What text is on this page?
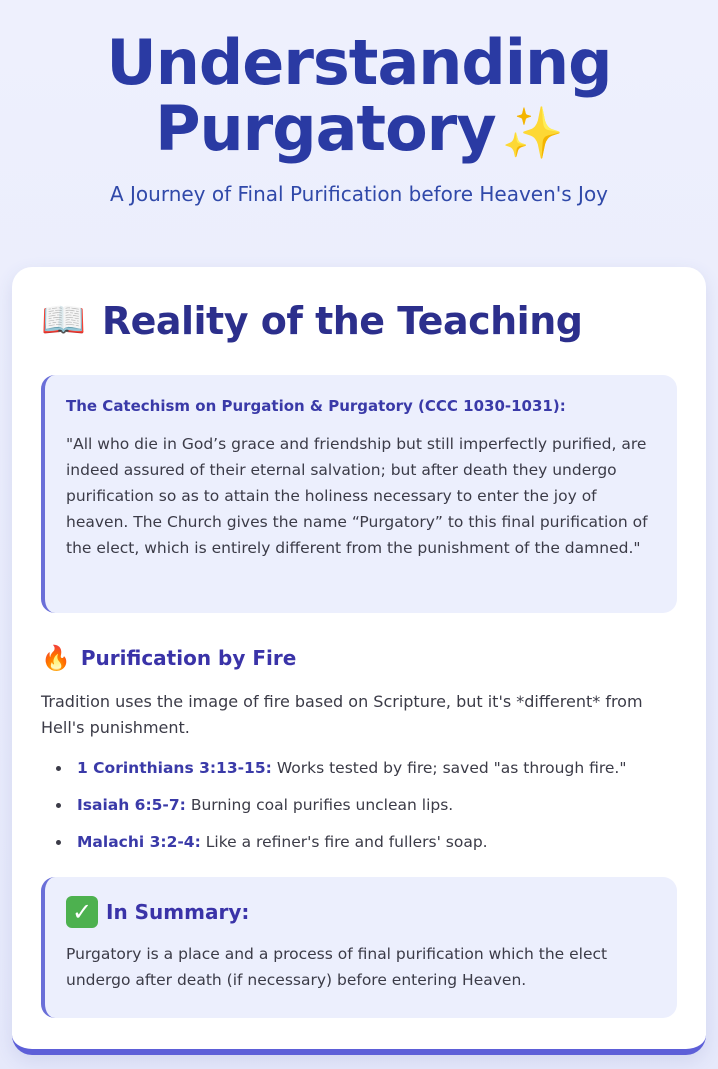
Understanding
Purgatory ✨

A Journey of Final Purification before Heaven's Joy

📖 Reality of the Teaching

The Catechism on Purgation & Purgatory (CCC 1030-1031):

"All who die in God’s grace and friendship but still imperfectly purified, are indeed assured of their eternal salvation; but after death they undergo purification so as to attain the holiness necessary to enter the joy of heaven. The Church gives the name “Purgatory” to this final purification of the elect, which is entirely different from the punishment of the damned."

🔥 Purification by Fire

Tradition uses the image of fire based on Scripture, but it's *different* from Hell's punishment.

1 Corinthians 3:13-15: Works tested by fire; saved "as through fire."
Isaiah 6:5-7: Burning coal purifies unclean lips.
Malachi 3:2-4: Like a refiner's fire and fullers' soap.
✓ In Summary:

Purgatory is a place and a process of final purification which the elect undergo after death (if necessary) before entering Heaven.
